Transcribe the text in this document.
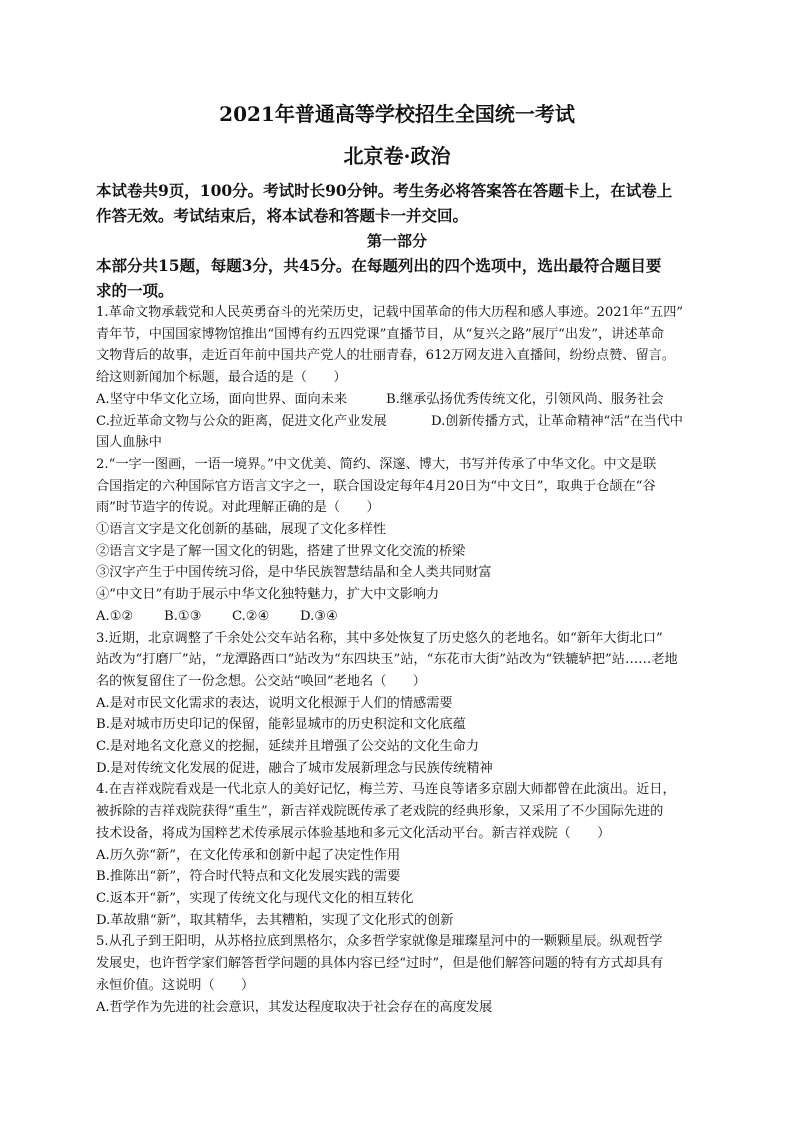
2021年普通高等学校招生全国统一考试
北京卷·政治
本试卷共9页，100分。考试时长90分钟。考生务必将答案答在答题卡上，在试卷上
作答无效。考试结束后，将本试卷和答题卡一并交回。
第一部分
本部分共15题，每题3分，共45分。在每题列出的四个选项中，选出最符合题目要
求的一项。
1.革命文物承载党和人民英勇奋斗的光荣历史，记载中国革命的伟大历程和感人事迹。2021年“五四”
青年节，中国国家博物馆推出“国博有约五四党课”直播节目，从“复兴之路”展厅“出发”，讲述革命
文物背后的故事，走近百年前中国共产党人的壮丽青春，612万网友进入直播间，纷纷点赞、留言。
给这则新闻加个标题，最合适的是（　　）
A.坚守中华文化立场，面向世界、面向未来	B.继承弘扬优秀传统文化，引领风尚、服务社会
C.拉近革命文物与公众的距离，促进文化产业发展	D.创新传播方式，让革命精神“活”在当代中
国人血脉中
2.“一字一图画，一语一境界。”中文优美、简约、深邃、博大，书写并传承了中华文化。中文是联
合国指定的六种国际官方语言文字之一，联合国设定每年4月20日为“中文日”，取典于仓颉在“谷
雨”时节造字的传说。对此理解正确的是（　　）
①语言文字是文化创新的基础，展现了文化多样性
②语言文字是了解一国文化的钥匙，搭建了世界文化交流的桥梁
③汉字产生于中国传统习俗，是中华民族智慧结晶和全人类共同财富
④“中文日”有助于展示中华文化独特魅力，扩大中文影响力
A.①②	B.①③	C.②④	D.③④
3.近期，北京调整了千余处公交车站名称，其中多处恢复了历史悠久的老地名。如“新年大街北口”
站改为“打磨厂”站，“龙潭路西口”站改为“东四块玉”站，“东花市大街”站改为“铁辘轳把”站……老地
名的恢复留住了一份念想。公交站“唤回”老地名（　　）
A.是对市民文化需求的表达，说明文化根源于人们的情感需要
B.是对城市历史印记的保留，能彰显城市的历史积淀和文化底蕴
C.是对地名文化意义的挖掘，延续并且增强了公交站的文化生命力
D.是对传统文化发展的促进，融合了城市发展新理念与民族传统精神
4.在吉祥戏院看戏是一代北京人的美好记忆，梅兰芳、马连良等诸多京剧大师都曾在此演出。近日，
被拆除的吉祥戏院获得“重生”，新吉祥戏院既传承了老戏院的经典形象，又采用了不少国际先进的
技术设备，将成为国粹艺术传承展示体验基地和多元文化活动平台。新吉祥戏院（　　）
A.历久弥“新”，在文化传承和创新中起了决定性作用
B.推陈出“新”，符合时代特点和文化发展实践的需要
C.返本开“新”，实现了传统文化与现代文化的相互转化
D.革故鼎“新”，取其精华，去其糟粕，实现了文化形式的创新
5.从孔子到王阳明，从苏格拉底到黑格尔，众多哲学家就像是璀璨星河中的一颗颗星辰。纵观哲学
发展史，也许哲学家们解答哲学问题的具体内容已经“过时”，但是他们解答问题的特有方式却具有
永恒价值。这说明（　　）
A.哲学作为先进的社会意识，其发达程度取决于社会存在的高度发展
